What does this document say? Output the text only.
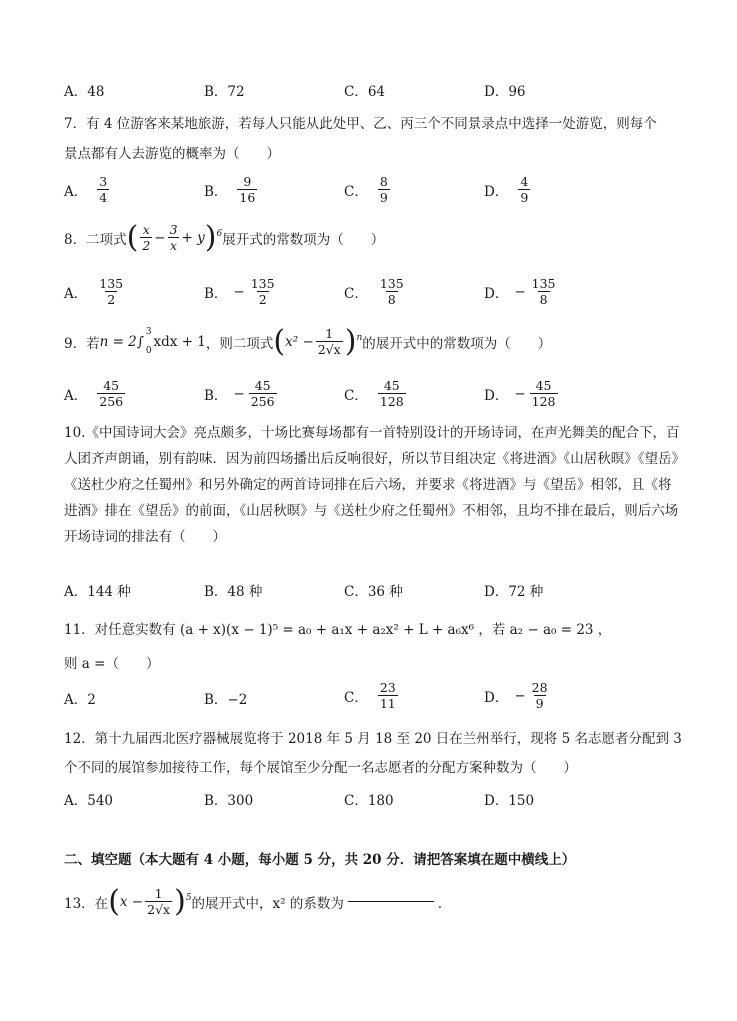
A．48	B．72	C．64	D．96
7．有 4 位游客来某地旅游，若每人只能从此处甲、乙、丙三个不同景录点中选择一处游览，则每个
景点都有人去游览的概率为（　　）
A． $\frac{3}{4}$	B． $\frac{9}{16}$	C． $\frac{8}{9}$	D． $\frac{4}{9}$
8．二项式 ( $\frac{x}{2} - \frac{3}{x} + y$ ) 6 展开式的常数项为（　　）
A． $\frac{135}{2}$	B． − $\frac{135}{2}$	C． $\frac{135}{8}$	D． − $\frac{135}{8}$
9．若 n = 2∫
3
0
xdx + 1 ，则二项式 ( $x^2 - \frac{1}{2√x}$ ) n 的展开式中的常数项为（　　）
A． $\frac{45}{256}$	B． − $\frac{45}{256}$	C． $\frac{45}{128}$	D． − $\frac{45}{128}$
10.《中国诗词大会》亮点颇多，十场比赛每场都有一首特别设计的开场诗词，在声光舞美的配合下，百人团齐声朗诵，别有韵味．因为前四场播出后反响很好，所以节目组决定《将进酒》《山居秋暝》《望岳》《送杜少府之任蜀州》和另外确定的两首诗词排在后六场，并要求《将进酒》与《望岳》相邻，且《将进酒》排在《望岳》的前面，《山居秋暝》与《送杜少府之任蜀州》不相邻，且均不排在最后，则后六场开场诗词的排法有（　　）
A．144 种	B．48 种	C．36 种	D．72 种
11．对任意实数有 (a + x)(x − 1)⁵ = a₀ + a₁x + a₂x² + L + a₆x⁶ ，若 a₂ − a₀ = 23 ，
则 a =（　　）
A．2	B．−2	C． $\frac{23}{11}$	D． − $\frac{28}{9}$
12．第十九届西北医疗器械展览将于 2018 年 5 月 18 至 20 日在兰州举行，现将 5 名志愿者分配到 3
个不同的展馆参加接待工作，每个展馆至少分配一名志愿者的分配方案种数为（　　）
A．540	B．300	C．180	D．150
二、填空题（本大题有 4 小题，每小题 5 分，共 20 分．请把答案填在题中横线上）
13．在 ( $x - \frac{1}{2√x}$ ) 5 的展开式中，x² 的系数为	．
